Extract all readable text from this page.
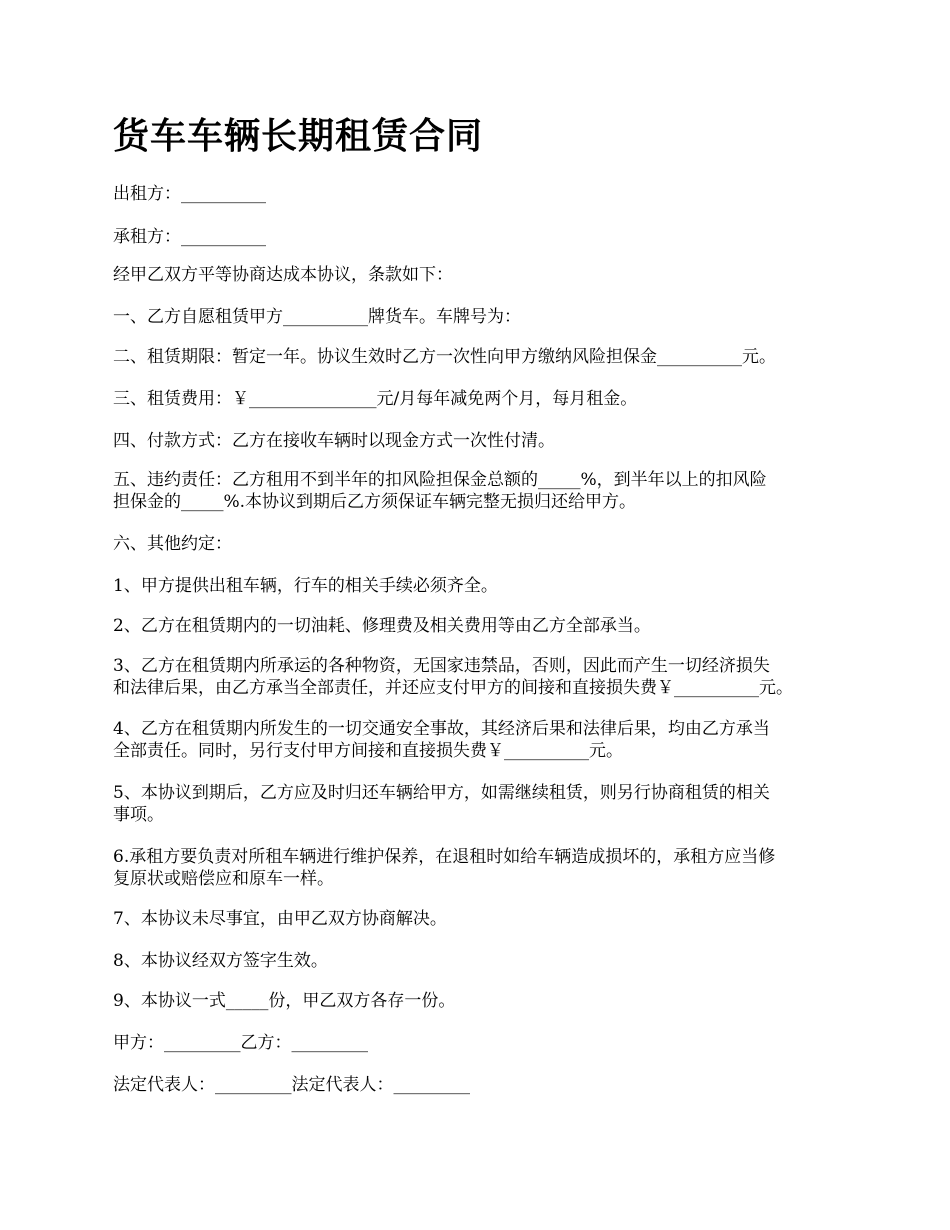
货车车辆长期租赁合同
出租方：__________
承租方：__________
经甲乙双方平等协商达成本协议，条款如下：
一、乙方自愿租赁甲方__________牌货车。车牌号为：
二、租赁期限：暂定一年。协议生效时乙方一次性向甲方缴纳风险担保金__________元。
三、租赁费用：￥_______________元/月每年减免两个月，每月租金。
四、付款方式：乙方在接收车辆时以现金方式一次性付清。
五、违约责任：乙方租用不到半年的扣风险担保金总额的_____%，到半年以上的扣风险
担保金的_____%.本协议到期后乙方须保证车辆完整无损归还给甲方。
六、其他约定：
1、甲方提供出租车辆，行车的相关手续必须齐全。
2、乙方在租赁期内的一切油耗、修理费及相关费用等由乙方全部承当。
3、乙方在租赁期内所承运的各种物资，无国家违禁品，否则，因此而产生一切经济损失
和法律后果，由乙方承当全部责任，并还应支付甲方的间接和直接损失费￥__________元。
4、乙方在租赁期内所发生的一切交通安全事故，其经济后果和法律后果，均由乙方承当
全部责任。同时，另行支付甲方间接和直接损失费￥__________元。
5、本协议到期后，乙方应及时归还车辆给甲方，如需继续租赁，则另行协商租赁的相关
事项。
6.承租方要负责对所租车辆进行维护保养，在退租时如给车辆造成损坏的，承租方应当修
复原状或赔偿应和原车一样。
7、本协议未尽事宜，由甲乙双方协商解决。
8、本协议经双方签字生效。
9、本协议一式_____份，甲乙双方各存一份。
甲方：_________乙方：_________
法定代表人：_________法定代表人：_________
